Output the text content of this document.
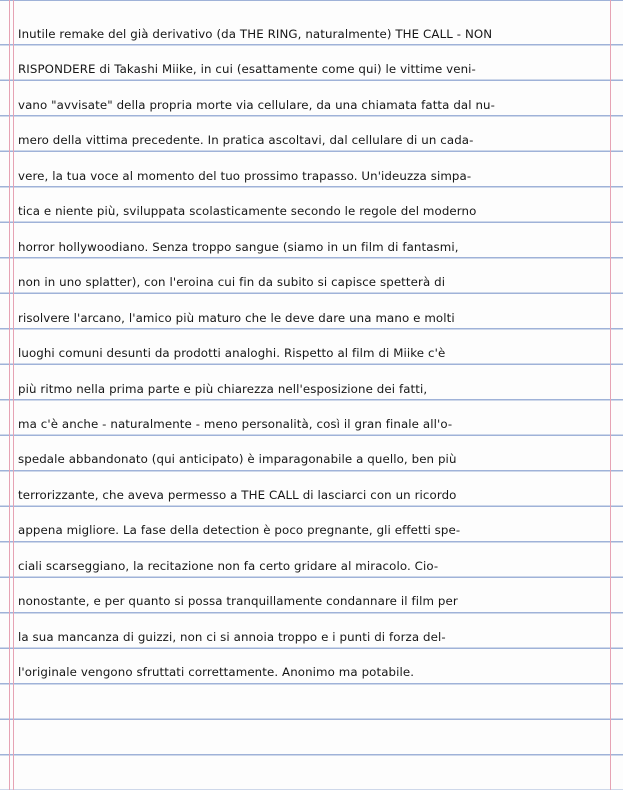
Inutile remake del già derivativo (da THE RING, naturalmente) THE CALL - NON
RISPONDERE di Takashi Miike, in cui (esattamente come qui) le vittime veni-
vano "avvisate" della propria morte via cellulare, da una chiamata fatta dal nu-
mero della vittima precedente. In pratica ascoltavi, dal cellulare di un cada-
vere, la tua voce al momento del tuo prossimo trapasso. Un'ideuzza simpa-
tica e niente più, sviluppata scolasticamente secondo le regole del moderno
horror hollywoodiano. Senza troppo sangue (siamo in un film di fantasmi,
non in uno splatter), con l'eroina cui fin da subito si capisce spetterà di
risolvere l'arcano, l'amico più maturo che le deve dare una mano e molti
luoghi comuni desunti da prodotti analoghi. Rispetto al film di Miike c'è
più ritmo nella prima parte e più chiarezza nell'esposizione dei fatti,
ma c'è anche - naturalmente - meno personalità, così il gran finale all'o-
spedale abbandonato (qui anticipato) è imparagonabile a quello, ben più
terrorizzante, che aveva permesso a THE CALL di lasciarci con un ricordo
appena migliore. La fase della detection è poco pregnante, gli effetti spe-
ciali scarseggiano, la recitazione non fa certo gridare al miracolo. Cio-
nonostante, e per quanto si possa tranquillamente condannare il film per
la sua mancanza di guizzi, non ci si annoia troppo e i punti di forza del-
l'originale vengono sfruttati correttamente. Anonimo ma potabile.
